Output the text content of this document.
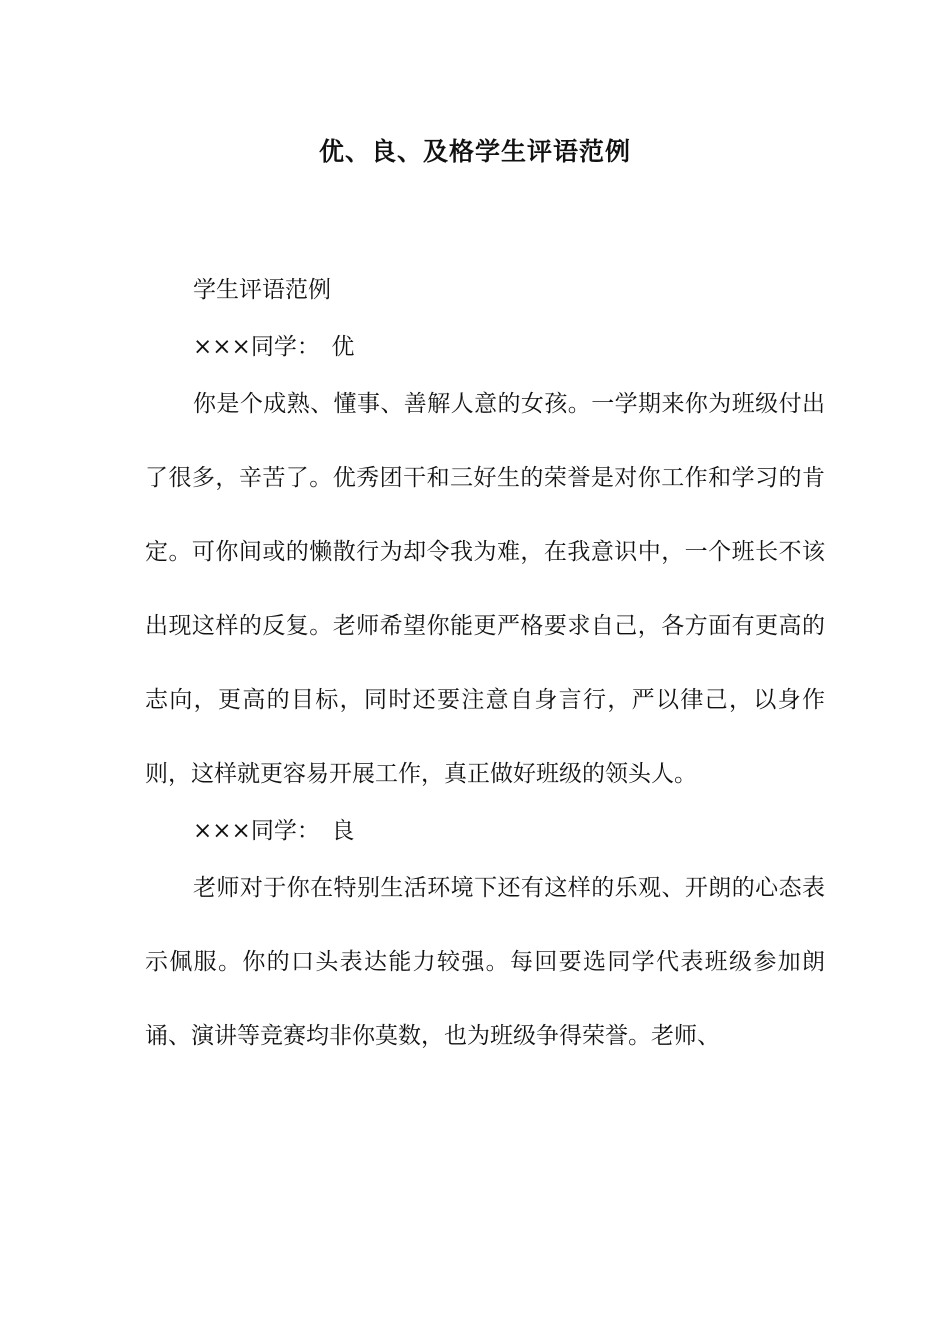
优、良、及格学生评语范例

学生评语范例

×××同学：　优

你是个成熟、懂事、善解人意的女孩。一学期来你为班级付出了很多，辛苦了。优秀团干和三好生的荣誉是对你工作和学习的肯定。可你间或的懒散行为却令我为难，在我意识中，一个班长不该出现这样的反复。老师希望你能更严格要求自己，各方面有更高的志向，更高的目标，同时还要注意自身言行，严以律己，以身作则，这样就更容易开展工作，真正做好班级的领头人。

×××同学：　良

老师对于你在特别生活环境下还有这样的乐观、开朗的心态表示佩服。你的口头表达能力较强。每回要选同学代表班级参加朗诵、演讲等竞赛均非你莫数，也为班级争得荣誉。老师、
